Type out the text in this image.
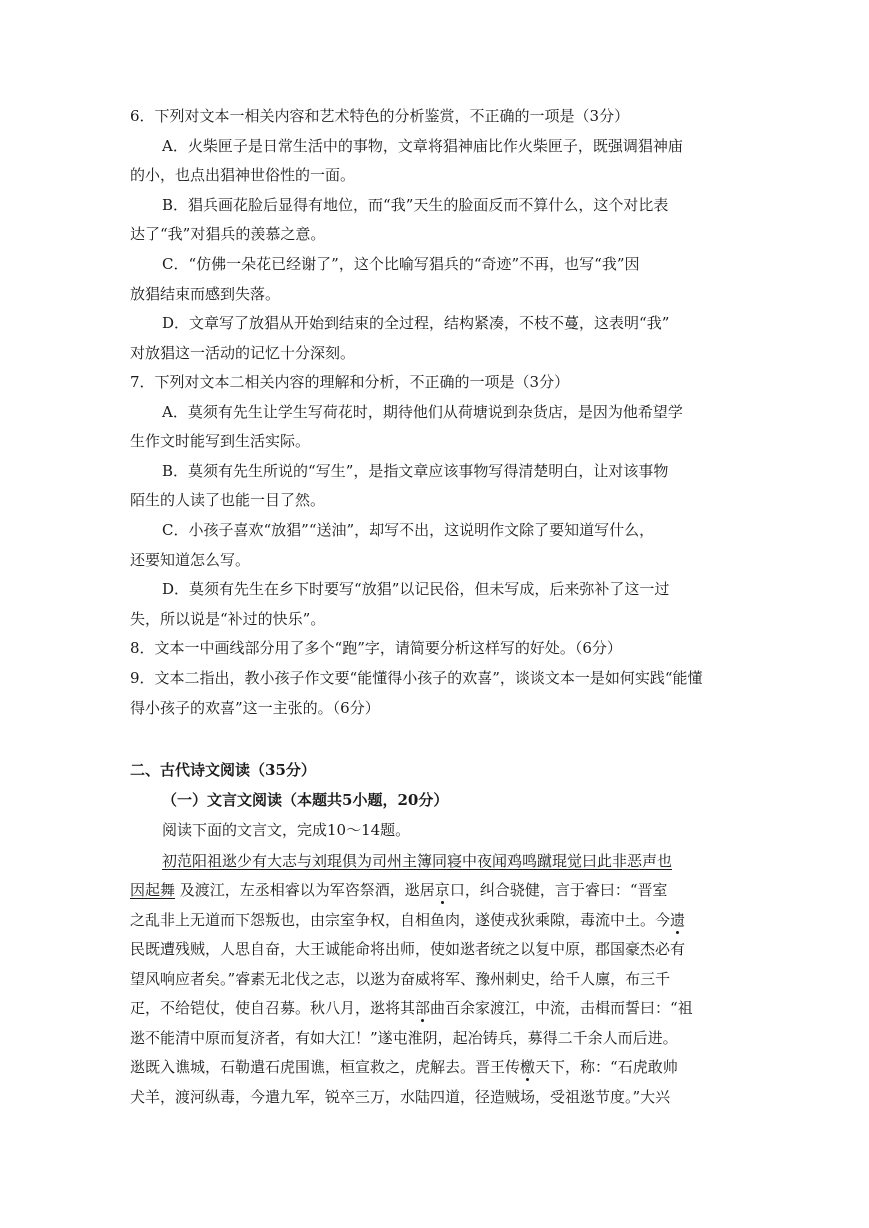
6．下列对文本一相关内容和艺术特色的分析鉴赏，不正确的一项是（3分）
A．火柴匣子是日常生活中的事物，文章将猖神庙比作火柴匣子，既强调猖神庙
的小，也点出猖神世俗性的一面。
B．猖兵画花脸后显得有地位，而“我”天生的脸面反而不算什么，这个对比表
达了“我”对猖兵的羡慕之意。
C．“仿佛一朵花已经谢了”，这个比喻写猖兵的“奇迹”不再，也写“我”因
放猖结束而感到失落。
D．文章写了放猖从开始到结束的全过程，结构紧凑，不枝不蔓，这表明“我”
对放猖这一活动的记忆十分深刻。
7．下列对文本二相关内容的理解和分析，不正确的一项是（3分）
A．莫须有先生让学生写荷花时，期待他们从荷塘说到杂货店，是因为他希望学
生作文时能写到生活实际。
B．莫须有先生所说的“写生”，是指文章应该事物写得清楚明白，让对该事物
陌生的人读了也能一目了然。
C．小孩子喜欢“放猖”“送油”，却写不出，这说明作文除了要知道写什么，
还要知道怎么写。
D．莫须有先生在乡下时要写“放猖”以记民俗，但未写成，后来弥补了这一过
失，所以说是“补过的快乐”。
8．文本一中画线部分用了多个“跑”字，请简要分析这样写的好处。（6分）
9．文本二指出，教小孩子作文要“能懂得小孩子的欢喜”，谈谈文本一是如何实践“能懂
得小孩子的欢喜”这一主张的。（6分）
二、古代诗文阅读（35分）
（一）文言文阅读（本题共5小题，20分）
阅读下面的文言文，完成10～14题。
初范阳祖逖少有大志与刘琨俱为司州主簿同寝中夜闻鸡鸣蹴琨觉曰此非恶声也
因起舞 及渡江，左丞相睿以为军咨祭酒，逖居京口，纠合骁健，言于睿曰：“晋室
之乱非上无道而下怨叛也，由宗室争权，自相鱼肉，遂使戎狄乘隙，毒流中土。今遗
民既遭残贼，人思自奋，大王诚能命将出师，使如逖者统之以复中原，郡国豪杰必有
望风响应者矣。”睿素无北伐之志，以逖为奋威将军、豫州刺史，给千人廪，布三千
疋，不给铠仗，使自召募。秋八月，逖将其部曲百余家渡江，中流，击楫而誓曰：“祖
逖不能清中原而复济者，有如大江！”遂屯淮阴，起冶铸兵，募得二千余人而后进。
逖既入谯城，石勒遣石虎围谯，桓宣救之，虎解去。晋王传檄天下，称：“石虎敢帅
犬羊，渡河纵毒，今遣九军，锐卒三万，水陆四道，径造贼场，受祖逖节度。”大兴
